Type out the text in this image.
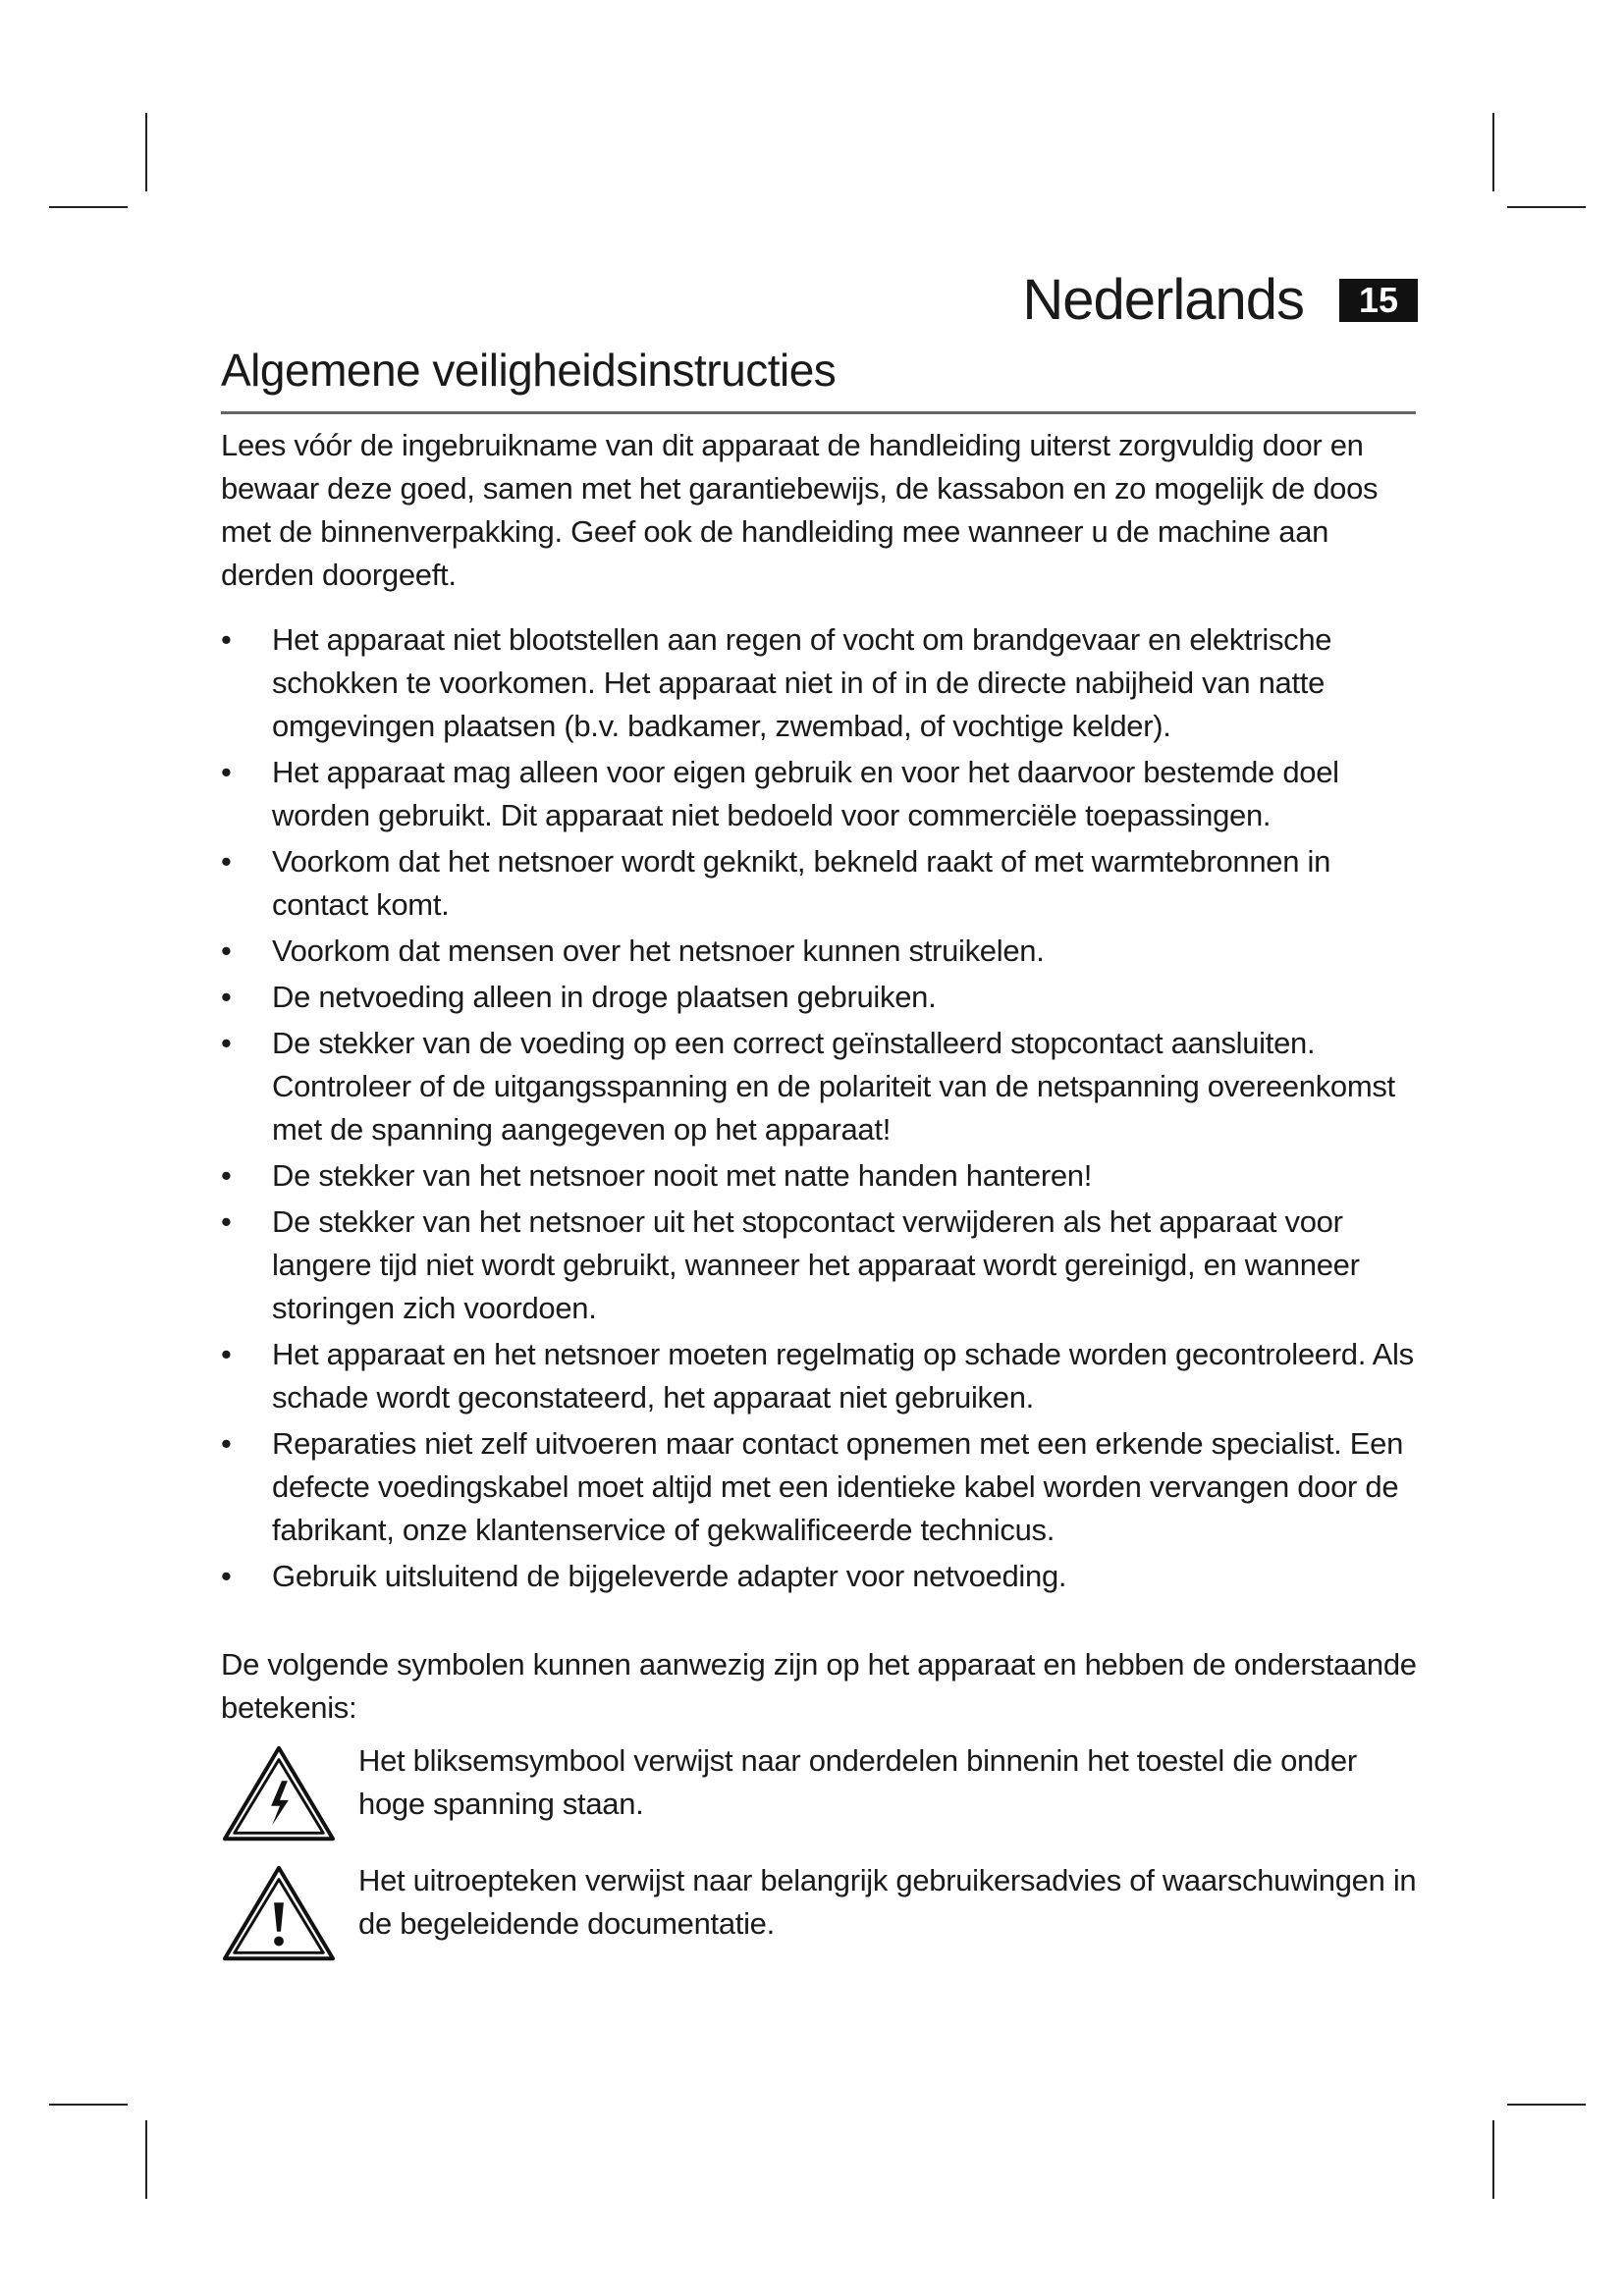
Nederlands	15
Algemene veiligheidsinstructies

Lees vóór de ingebruikname van dit apparaat de handleiding uiterst zorgvuldig door en bewaar deze goed, samen met het garantiebewijs, de kassabon en zo mogelijk de doos met de binnenverpakking. Geef ook de handleiding mee wanneer u de machine aan derden doorgeeft.

• Het apparaat niet blootstellen aan regen of vocht om brandgevaar en elektrische schokken te voorkomen. Het apparaat niet in of in de directe nabijheid van natte omgevingen plaatsen (b.v. badkamer, zwembad, of vochtige kelder).
• Het apparaat mag alleen voor eigen gebruik en voor het daarvoor bestemde doel worden gebruikt. Dit apparaat niet bedoeld voor commerciële toepassingen.
• Voorkom dat het netsnoer wordt geknikt, bekneld raakt of met warmtebronnen in contact komt.
• Voorkom dat mensen over het netsnoer kunnen struikelen.
• De netvoeding alleen in droge plaatsen gebruiken.
• De stekker van de voeding op een correct geïnstalleerd stopcontact aansluiten. Controleer of de uitgangsspanning en de polariteit van de netspanning overeenkomst met de spanning aangegeven op het apparaat!
• De stekker van het netsnoer nooit met natte handen hanteren!
• De stekker van het netsnoer uit het stopcontact verwijderen als het apparaat voor langere tijd niet wordt gebruikt, wanneer het apparaat wordt gereinigd, en wanneer storingen zich voordoen.
• Het apparaat en het netsnoer moeten regelmatig op schade worden gecontroleerd. Als schade wordt geconstateerd, het apparaat niet gebruiken.
• Reparaties niet zelf uitvoeren maar contact opnemen met een erkende specialist. Een defecte voedingskabel moet altijd met een identieke kabel worden vervangen door de fabrikant, onze klantenservice of gekwalificeerde technicus.
• Gebruik uitsluitend de bijgeleverde adapter voor netvoeding.

De volgende symbolen kunnen aanwezig zijn op het apparaat en hebben de onderstaande betekenis:

Het bliksemsymbool verwijst naar onderdelen binnenin het toestel die onder hoge spanning staan.
Het uitroepteken verwijst naar belangrijk gebruikersadvies of waarschuwingen in de begeleidende documentatie.
